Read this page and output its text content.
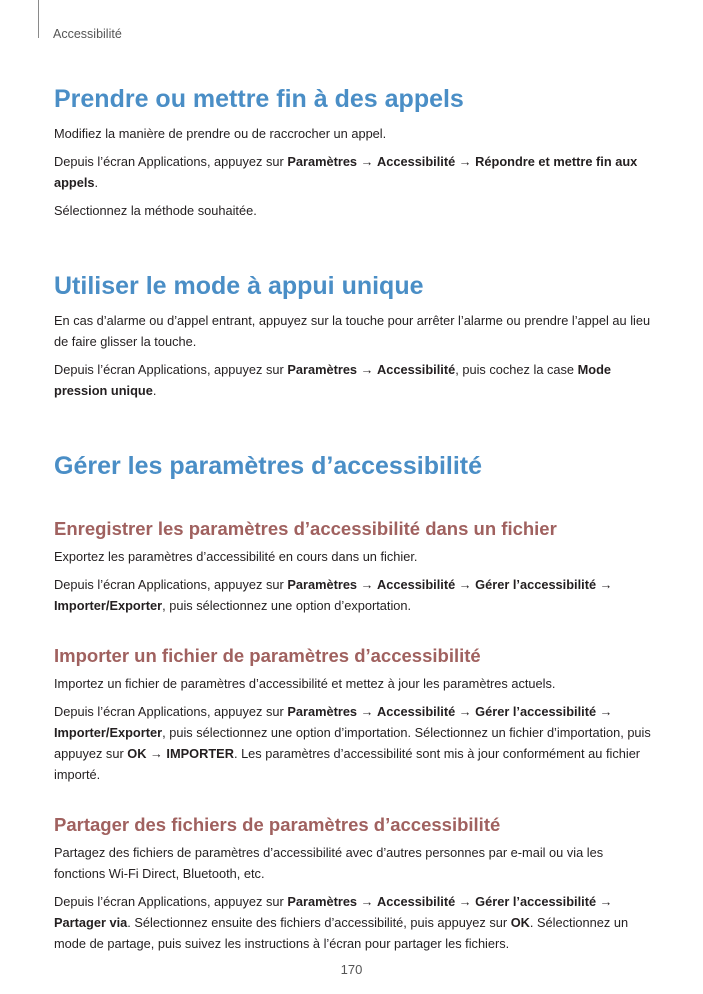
Accessibilité
Prendre ou mettre fin à des appels

Modifiez la manière de prendre ou de raccrocher un appel.

Depuis l’écran Applications, appuyez sur Paramètres → Accessibilité → Répondre et mettre fin aux appels.

Sélectionnez la méthode souhaitée.

Utiliser le mode à appui unique

En cas d’alarme ou d’appel entrant, appuyez sur la touche pour arrêter l’alarme ou prendre l’appel au lieu de faire glisser la touche.

Depuis l’écran Applications, appuyez sur Paramètres → Accessibilité, puis cochez la case Mode pression unique.

Gérer les paramètres d’accessibilité
Enregistrer les paramètres d’accessibilité dans un fichier

Exportez les paramètres d’accessibilité en cours dans un fichier.

Depuis l’écran Applications, appuyez sur Paramètres → Accessibilité → Gérer l’accessibilité → Importer/Exporter, puis sélectionnez une option d’exportation.

Importer un fichier de paramètres d’accessibilité

Importez un fichier de paramètres d’accessibilité et mettez à jour les paramètres actuels.

Depuis l’écran Applications, appuyez sur Paramètres → Accessibilité → Gérer l’accessibilité → Importer/Exporter, puis sélectionnez une option d’importation. Sélectionnez un fichier d’importation, puis appuyez sur OK → IMPORTER. Les paramètres d’accessibilité sont mis à jour conformément au fichier importé.

Partager des fichiers de paramètres d’accessibilité

Partagez des fichiers de paramètres d’accessibilité avec d’autres personnes par e-mail ou via les fonctions Wi-Fi Direct, Bluetooth, etc.

Depuis l’écran Applications, appuyez sur Paramètres → Accessibilité → Gérer l’accessibilité → Partager via. Sélectionnez ensuite des fichiers d’accessibilité, puis appuyez sur OK. Sélectionnez un mode de partage, puis suivez les instructions à l’écran pour partager les fichiers.

170
